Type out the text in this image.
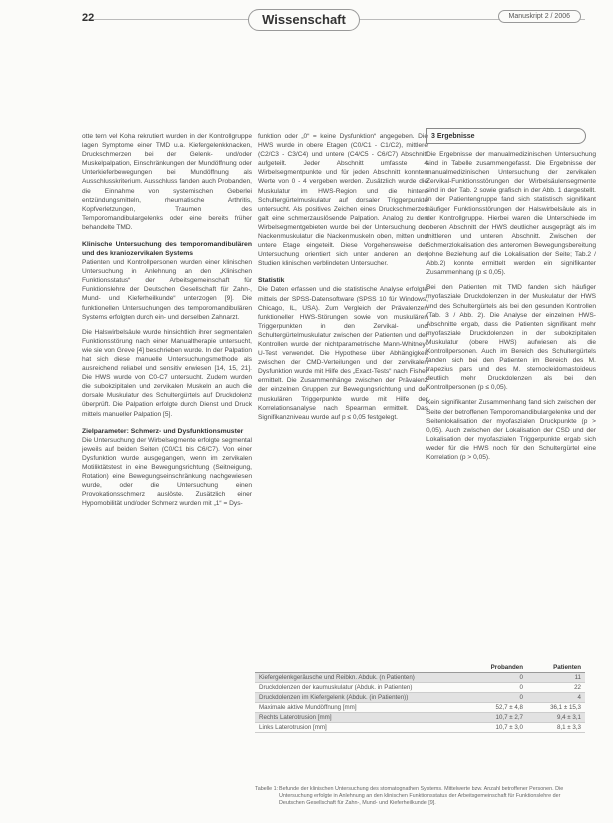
22	Wissenschaft	Manuskript 2 / 2006

otte tern vel Koha rekrutiert wurden in der Kontrollgruppe lagen Symptome einer TMD u.a. Kiefergelenkknacken, Druckschmerzen bei der Gelenk- und/oder Muskelpalpation, Einschränkungen der Mundöffnung oder Unterkieferbewegungen bei Mundöffnung als Ausschlusskriterium. Ausschluss fanden auch Probanden, die Einnahme von systemischen Geberlei entzündungsmitteln, rheumatische Arthritis, Kopfverletzungen, Traumen des Temporomandibulargelenks oder eine bereits früher behandelte TMD.

Klinische Untersuchung des temporomandibulären und des kraniozervikalen Systems

Patienten und Kontrollpersonen wurden einer klinischen Untersuchung in Anlehnung an den „Klinischen Funktionsstatus“ der Arbeitsgemeinschaft für Funktionslehre der Deutschen Gesellschaft für Zahn-, Mund- und Kieferheilkunde“ unterzogen [9]. Die funktionellen Untersuchungen des temporomandibulären Systems erfolgten durch ein- und derselben Zahnarzt.

Die Halswirbelsäule wurde hinsichtlich ihrer segmentalen Funktionsstörung nach einer Manualtherapie untersucht, wie sie von Greve [4] beschrieben wurde. In der Palpation hat sich diese manuelle Untersuchungsmethode als ausreichend reliabel und sensitiv erwiesen [14, 15, 21]. Die HWS wurde von C0-C7 untersucht. Zudem wurden die subokzipitalen und zervikalen Muskeln an auch die dorsale Muskulatur des Schultergürtels auf Druckdolenz überprüft. Die Palpation erfolgte durch Dienst und Druck mittels manueller Palpation [5].

Zielparameter: Schmerz- und Dysfunktionsmuster

Die Untersuchung der Wirbelsegmente erfolgte segmental jeweils auf beiden Seiten (C0/C1 bis C6/C7). Von einer Dysfunktion wurde ausgegangen, wenn im zervikalen Motiliktätstest in eine Bewegungsrichtung (Seitneigung, Rotation) eine Bewegungseinschränkung nachgewiesen wurde, oder die Untersuchung einen Provokationsschmerz auslöste. Zusätzlich einer Hypomobilität und/oder Schmerz wurden mit „1“ = Dys-

funktion oder „0“ = keine Dysfunktion“ angegeben. Die HWS wurde in obere Etagen (C0/C1 - C1/C2), mittlere (C2/C3 - C3/C4) und untere (C4/C5 - C6/C7) Abschnitt aufgeteilt. Jeder Abschnitt umfasste 4 Wirbelsegmentpunkte und für jeden Abschnitt konnten Werte von 0 - 4 vergeben werden. Zusätzlich wurde die Muskulatur im HWS-Region und die hintere Schultergürtelmuskulatur auf dorsaler Triggerpunkte untersucht. Als positives Zeichen eines Druckschmerzes galt eine schmerzauslösende Palpation. Analog zu den Wirbelsegmentgebieten wurde bei der Untersuchung der Nackenmuskulatur die Nackenmuskeln oben, mitten und untere Etage eingeteilt. Diese Vorgehensweise der Untersuchung orientiert sich unter anderen an den Studien klinischen verblindeten Untersucher.

Statistik

Die Daten erfassen und die statistische Analyse erfolgte mittels der SPSS-Datensoftware (SPSS 10 für Windows, Chicago, IL, USA). Zum Vergleich der Prävalenzen funktioneller HWS-Störungen sowie von muskulären Triggerpunkten in den Zervikal- und Schultergürtelmuskulatur zwischen der Patienten und der Kontrollen wurde der nichtparametrische Mann-Whitney-U-Test verwendet. Die Hypothese über Abhängigkeit zwischen der CMD-Verteilungen und der zervikalen Dysfunktion wurde mit Hilfe des „Exact-Tests“ nach Fisher ermittelt. Die Zusammenhänge zwischen der Prävalenz der einzelnen Gruppen zur Bewegungsrichtung und der muskulären Triggerpunkte wurde mit Hilfe der Korrelationsanalyse nach Spearman ermittelt. Das Signifikanzniveau wurde auf p ≤ 0,05 festgelegt.

3 Ergebnisse

Die Ergebnisse der manualmedizinischen Untersuchung sind in Tabelle zusammengefasst. Die Ergebnisse der manualmedizinischen Untersuchung der zervikalen Zervikal-Funktionsstörungen der Wirbelsäulensegmente sind in der Tab. 2 sowie grafisch in der Abb. 1 dargestellt. In der Patientengruppe fand sich statistisch signifikant häufiger Funktionsstörungen der Halswirbelsäule als in der Kontrollgruppe. Hierbei waren die Unterschiede im oberen Abschnitt der HWS deutlicher ausgeprägt als im mittleren und unteren Abschnitt. Zwischen der Schmerzlokalisation des anteromen Bewegungsbereitung (ohne Beziehung auf die Lokalisation der Seite; Tab.2 / Abb.2) konnte ermittelt werden ein signifikanter Zusammenhang (p ≤ 0,05).

Bei den Patienten mit TMD fanden sich häufiger myofasziale Druckdolenzen in der Muskulatur der HWS und des Schultergürtels als bei den gesunden Kontrollen (Tab. 3 / Abb. 2). Die Analyse der einzelnen HWS-Abschnitte ergab, dass die Patienten signifikant mehr myofasziale Druckdolenzen in der subokzipitalen Muskulatur (obere HWS) aufwiesen als die Kontrollpersonen. Auch im Bereich des Schultergürtels fanden sich bei den Patienten im Bereich des M. trapezius pars und des M. sternocleidomastoideus deutlich mehr Druckdolenzen als bei den Kontrollpersonen (p ≤ 0,05).

Kein signifikanter Zusammenhang fand sich zwischen der Seite der betroffenen Temporomandibulargelenke und der Seitenlokalisation der myofaszialen Druckpunkte (p > 0,05). Auch zwischen der Lokalisation der CSD und der Lokalisation der myofaszialen Triggerpunkte ergab sich weder für die HWS noch für den Schultergürtel eine Korrelation (p > 0,05).

	Probanden	Patienten
Kiefergelenkgeräusche und Reibkn. Abduk. (n Patienten)	0	11
Druckdolenzen der kaumuskulatur (Abduk. in Patienten)	0	22
Druckdolenzen im Kiefergelenk (Abduk. (in Patienten))	0	4
Maximale aktive Mundöffnung [mm]	52,7 ± 4,8	36,1 ± 15,3
Rechts Laterotrusion [mm]	10,7 ± 2,7	9,4 ± 3,1
Links Laterotrusion [mm]	10,7 ± 3,0	8,1 ± 3,3
Tabelle 1: Befunde der klinischen Untersuchung des stomatognathen Systems. Mittelwerte bzw. Anzahl betroffener Personen. Die Untersuchung erfolgte in Anlehnung an den klinischen Funktionsstatus der Arbeitsgemeinschaft für Funktionslehre der Deutschen Gesellschaft für Zahn-, Mund- und Kieferheilkunde [9].
